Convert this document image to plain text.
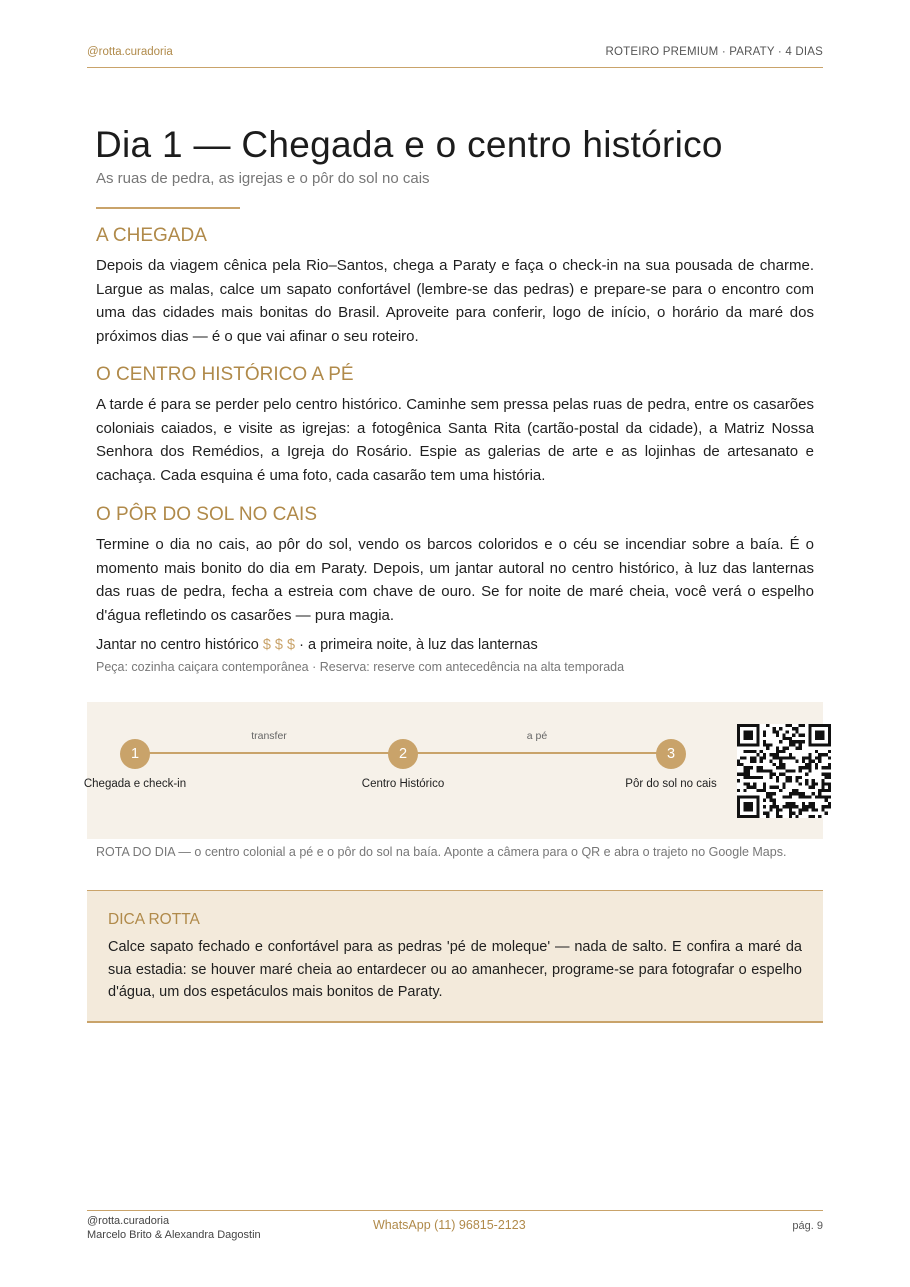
@rotta.curadoria	ROTEIRO PREMIUM · PARATY · 4 DIAS
Dia 1 — Chegada e o centro histórico
As ruas de pedra, as igrejas e o pôr do sol no cais
A CHEGADA

Depois da viagem cênica pela Rio–Santos, chega a Paraty e faça o check-in na sua pousada de charme. Largue as malas, calce um sapato confortável (lembre-se das pedras) e prepare-se para o encontro com uma das cidades mais bonitas do Brasil. Aproveite para conferir, logo de início, o horário da maré dos próximos dias — é o que vai afinar o seu roteiro.

O CENTRO HISTÓRICO A PÉ

A tarde é para se perder pelo centro histórico. Caminhe sem pressa pelas ruas de pedra, entre os casarões coloniais caiados, e visite as igrejas: a fotogênica Santa Rita (cartão-postal da cidade), a Matriz Nossa Senhora dos Remédios, a Igreja do Rosário. Espie as galerias de arte e as lojinhas de artesanato e cachaça. Cada esquina é uma foto, cada casarão tem uma história.

O PÔR DO SOL NO CAIS

Termine o dia no cais, ao pôr do sol, vendo os barcos coloridos e o céu se incendiar sobre a baía. É o momento mais bonito do dia em Paraty. Depois, um jantar autoral no centro histórico, à luz das lanternas das ruas de pedra, fecha a estreia com chave de ouro. Se for noite de maré cheia, você verá o espelho d'água refletindo os casarões — pura magia.

Jantar no centro histórico $ $ $ · a primeira noite, à luz das lanternas
Peça: cozinha caiçara contemporânea · Reserva: reserve com antecedência na alta temporada
transfer	a pé
1	2	3
Chegada e check-in	Centro Histórico	Pôr do sol no cais
ROTA DO DIA — o centro colonial a pé e o pôr do sol na baía. Aponte a câmera para o QR e abra o trajeto no Google Maps.
DICA ROTTA

Calce sapato fechado e confortável para as pedras 'pé de moleque' — nada de salto. E confira a maré da sua estadia: se houver maré cheia ao entardecer ou ao amanhecer, programe-se para fotografar o espelho d'água, um dos espetáculos mais bonitos de Paraty.

@rotta.curadoria
Marcelo Brito & Alexandra Dagostin
WhatsApp (11) 96815-2123	pág. 9
